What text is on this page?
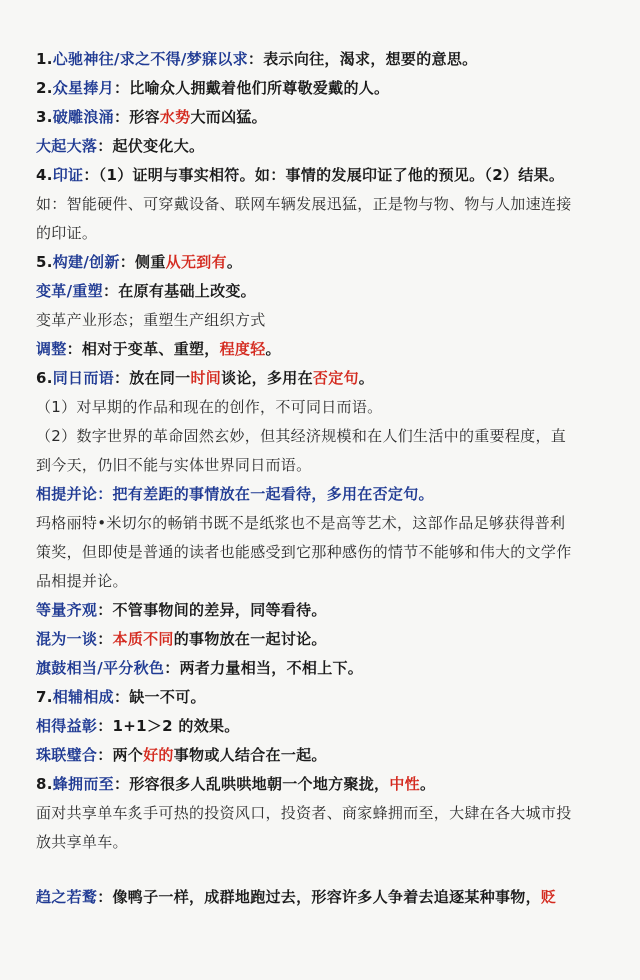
1.心驰神往/求之不得/梦寐以求：表示向往，渴求，想要的意思。
2.众星捧月：比喻众人拥戴着他们所尊敬爱戴的人。
3.破雕浪涌：形容水势大而凶猛。
大起大落：起伏变化大。
4.印证：（1）证明与事实相符。如：事情的发展印证了他的预见。（2）结果。
如：智能硬件、可穿戴设备、联网车辆发展迅猛，正是物与物、物与人加速连接
的印证。
5.构建/创新：侧重从无到有。
变革/重塑：在原有基础上改变。
变革产业形态；重塑生产组织方式
调整：相对于变革、重塑，程度轻。
6.同日而语：放在同一时间谈论，多用在否定句。
（1）对早期的作品和现在的创作，不可同日而语。
（2）数字世界的革命固然玄妙，但其经济规模和在人们生活中的重要程度，直
到今天，仍旧不能与实体世界同日而语。
相提并论：把有差距的事情放在一起看待，多用在否定句。
玛格丽特•米切尔的畅销书既不是纸浆也不是高等艺术，这部作品足够获得普利
策奖，但即使是普通的读者也能感受到它那种感伤的情节不能够和伟大的文学作
品相提并论。
等量齐观：不管事物间的差异，同等看待。
混为一谈：本质不同的事物放在一起讨论。
旗鼓相当/平分秋色：两者力量相当，不相上下。
7.相辅相成：缺一不可。
相得益彰：1+1＞2 的效果。
珠联璧合：两个好的事物或人结合在一起。
8.蜂拥而至：形容很多人乱哄哄地朝一个地方聚拢，中性。
面对共享单车炙手可热的投资风口，投资者、商家蜂拥而至，大肆在各大城市投
放共享单车。
趋之若鹜：像鸭子一样，成群地跑过去，形容许多人争着去追逐某种事物，贬
